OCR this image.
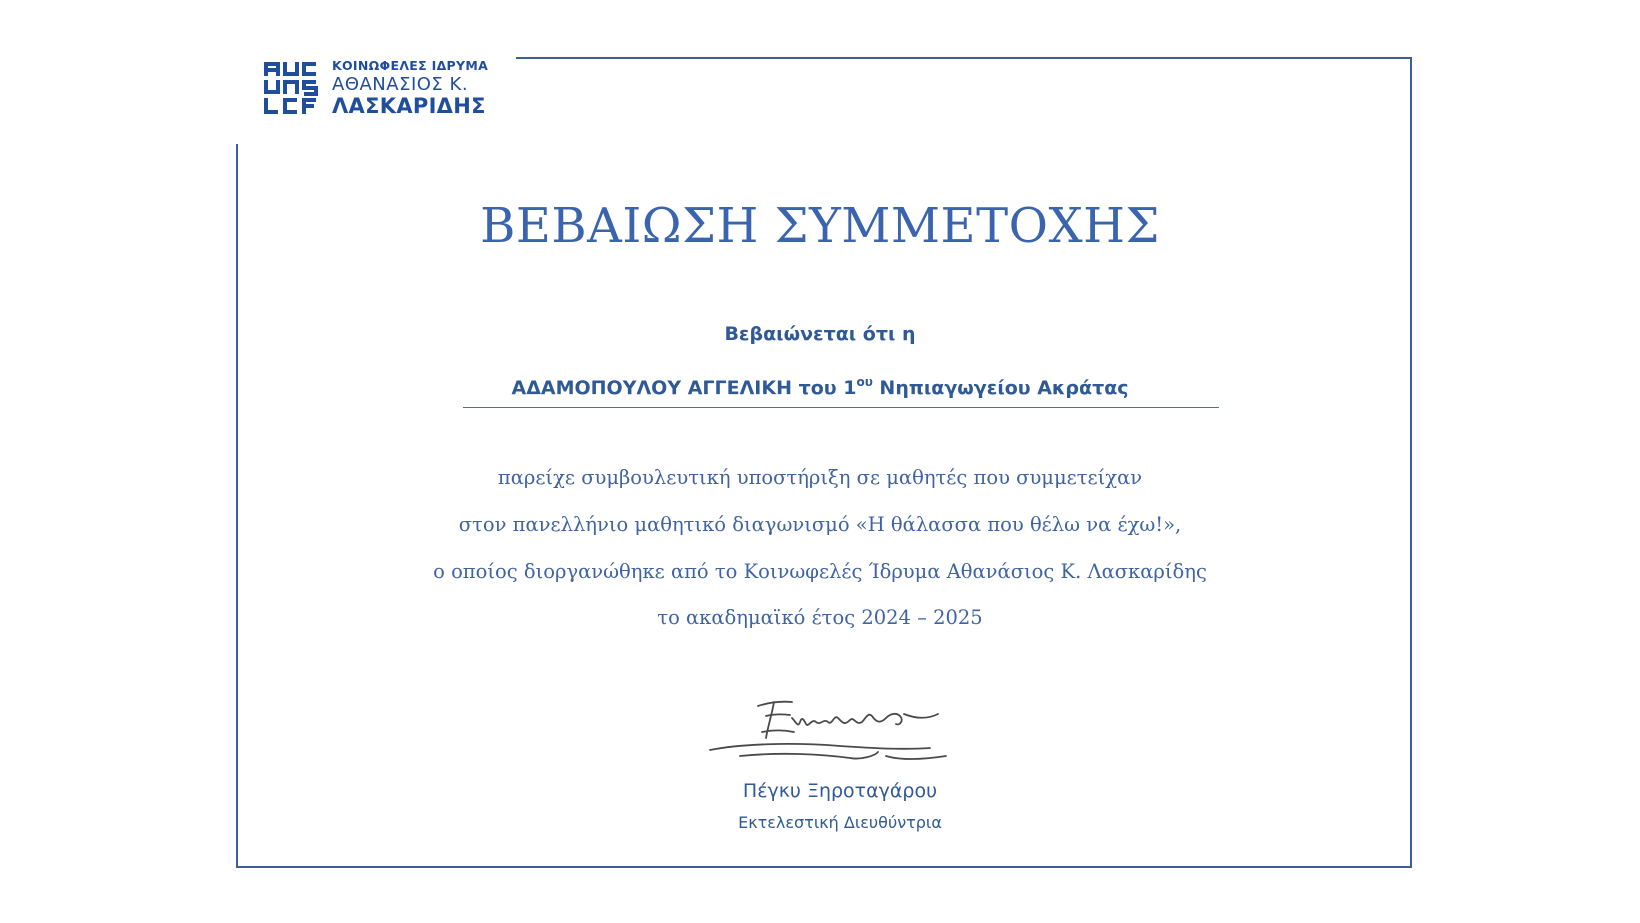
ΚΟΙΝΩΦΕΛΕΣ ΙΔΡΥΜΑ
ΑΘΑΝΑΣΙΟΣ Κ.
ΛΑΣΚΑΡΙΔΗΣ
ΒΕΒΑΙΩΣΗ ΣΥΜΜΕΤΟΧΗΣ
Βεβαιώνεται ότι η
ΑΔΑΜΟΠΟΥΛΟΥ ΑΓΓΕΛΙΚΗ του $1^{o\upsilon}$ Νηπιαγωγείου Ακράτας
παρείχε συμβουλευτική υποστήριξη σε μαθητές που συμμετείχαν
στον πανελλήνιο μαθητικό διαγωνισμό «Η θάλασσα που θέλω να έχω!»,
ο οποίος διοργανώθηκε από το Κοινωφελές Ίδρυμα Αθανάσιος Κ. Λασκαρίδης
το ακαδημαϊκό έτος 2024 – 2025
Πέγκυ Ξηροταγάρου
Εκτελεστική Διευθύντρια
